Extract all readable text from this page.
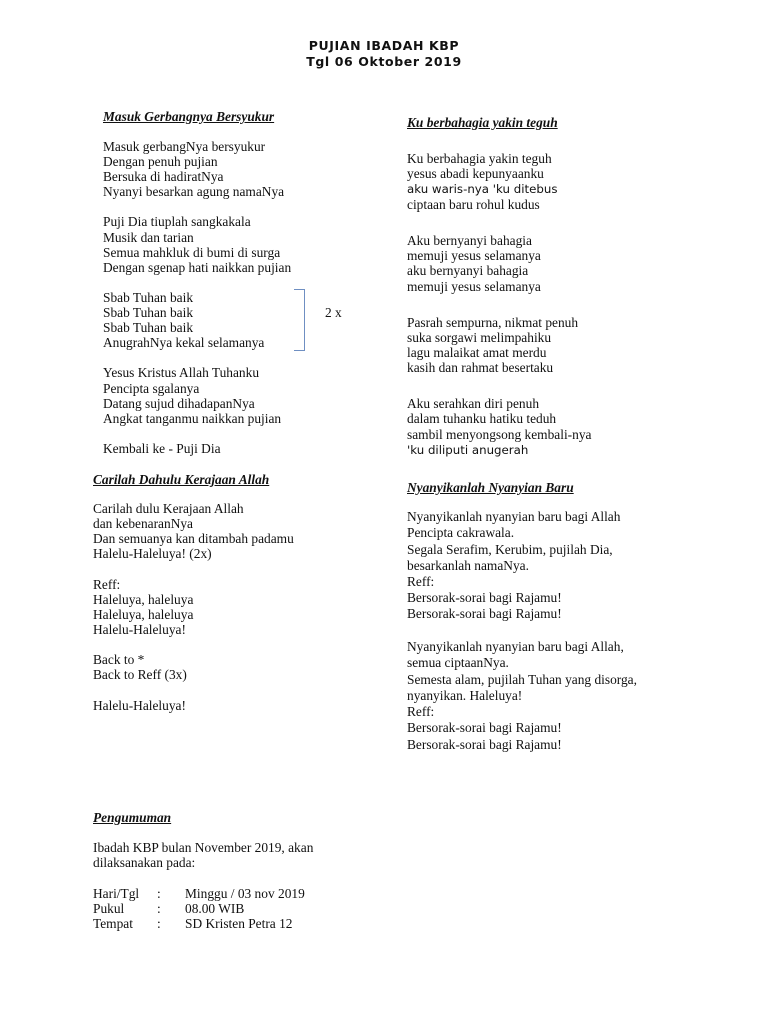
PUJIAN IBADAH KBP
Tgl 06 Oktober 2019
Masuk Gerbangnya Bersyukur
Masuk gerbangNya bersyukur
Dengan penuh pujian
Bersuka di hadiratNya
Nyanyi besarkan agung namaNya
Puji Dia tiuplah sangkakala
Musik dan tarian
Semua mahkluk di bumi di surga
Dengan sgenap hati naikkan pujian
Sbab Tuhan baik
Sbab Tuhan baik
Sbab Tuhan baik
AnugrahNya kekal selamanya
2 x
Yesus Kristus Allah Tuhanku
Pencipta sgalanya
Datang sujud dihadapanNya
Angkat tanganmu naikkan pujian
Kembali ke - Puji Dia
Carilah Dahulu Kerajaan Allah
Carilah dulu Kerajaan Allah
dan kebenaranNya
Dan semuanya kan ditambah padamu
Halelu-Haleluya! (2x)
Reff:
Haleluya, haleluya
Haleluya, haleluya
Halelu-Haleluya!
Back to *
Back to Reff (3x)
Halelu-Haleluya!
Pengumuman
Ibadah KBP bulan November 2019, akan
dilaksanakan pada:
Hari/Tgl : Minggu / 03 nov 2019
Pukul : 08.00 WIB
Tempat : SD Kristen Petra 12
Ku berbahagia yakin teguh
Ku berbahagia yakin teguh
yesus abadi kepunyaanku
aku waris-nya 'ku ditebus
ciptaan baru rohul kudus
Aku bernyanyi bahagia
memuji yesus selamanya
aku bernyanyi bahagia
memuji yesus selamanya
Pasrah sempurna, nikmat penuh
suka sorgawi melimpahiku
lagu malaikat amat merdu
kasih dan rahmat besertaku
Aku serahkan diri penuh
dalam tuhanku hatiku teduh
sambil menyongsong kembali-nya
'ku diliputi anugerah
Nyanyikanlah Nyanyian Baru
Nyanyikanlah nyanyian baru bagi Allah
Pencipta cakrawala.
Segala Serafim, Kerubim, pujilah Dia,
besarkanlah namaNya.
Reff:
Bersorak-sorai bagi Rajamu!
Bersorak-sorai bagi Rajamu!
Nyanyikanlah nyanyian baru bagi Allah,
semua ciptaanNya.
Semesta alam, pujilah Tuhan yang disorga,
nyanyikan. Haleluya!
Reff:
Bersorak-sorai bagi Rajamu!
Bersorak-sorai bagi Rajamu!
